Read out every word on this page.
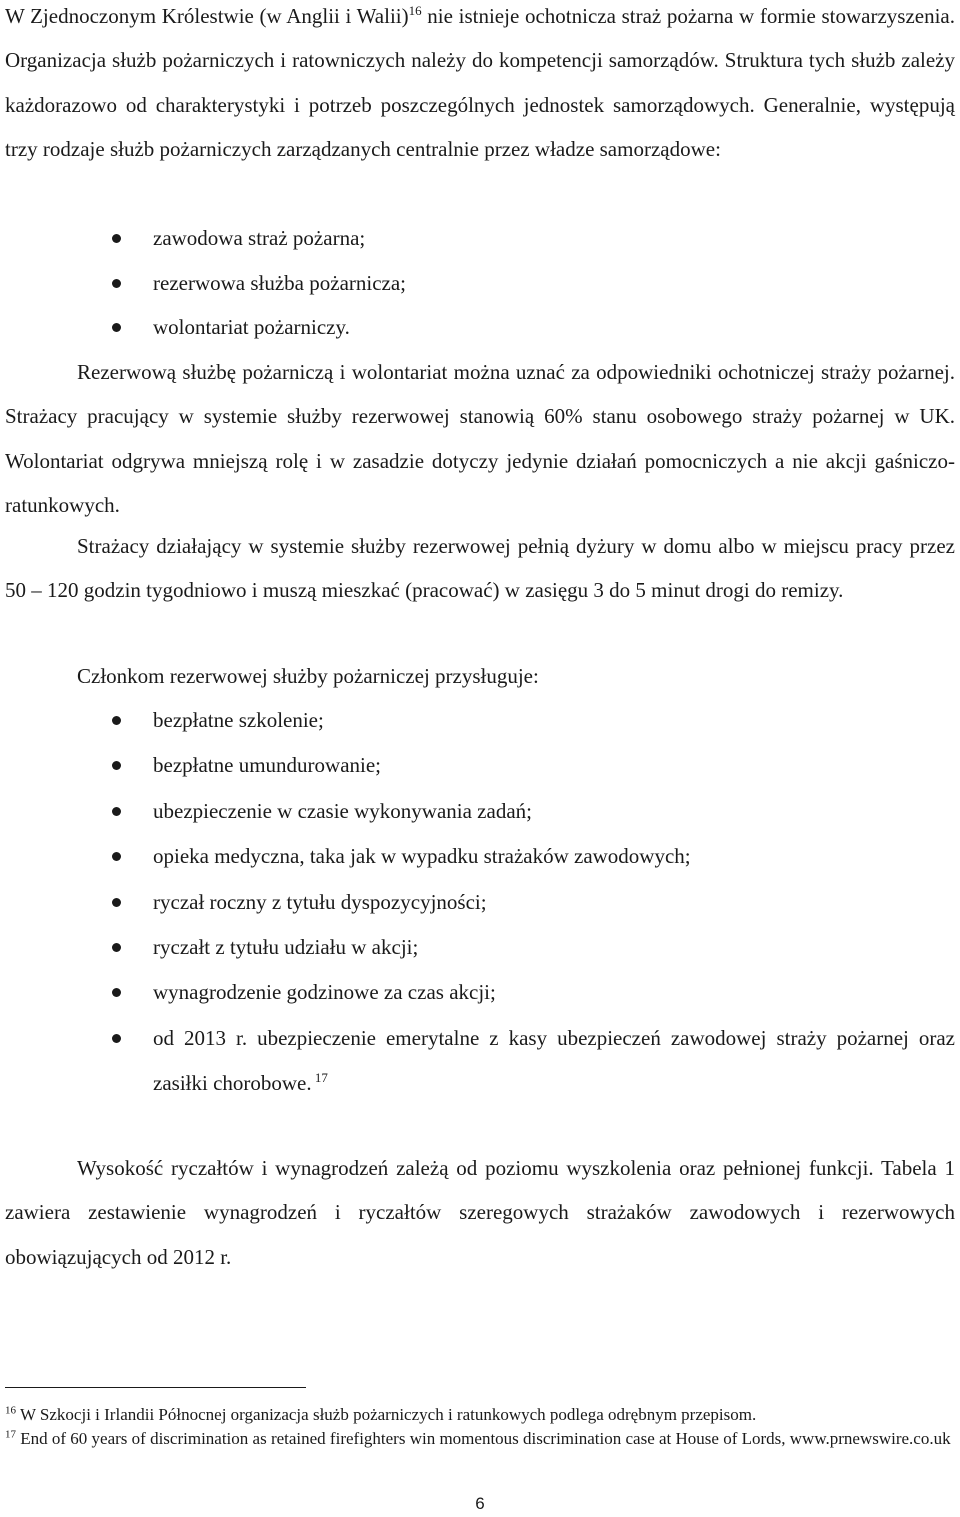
W Zjednoczonym Królestwie (w Anglii i Walii)$^{16}$ nie istnieje ochotnicza straż pożarna w formie stowarzyszenia. Organizacja służb pożarniczych i ratowniczych należy do kompetencji samorządów. Struktura tych służb zależy każdorazowo od charakterystyki i potrzeb poszczególnych jednostek samorządowych. Generalnie, występują trzy rodzaje służb pożarniczych zarządzanych centralnie przez władze samorządowe:

zawodowa straż pożarna;
rezerwowa służba pożarnicza;
wolontariat pożarniczy.

Rezerwową służbę pożarniczą i wolontariat można uznać za odpowiedniki ochotniczej straży pożarnej. Strażacy pracujący w systemie służby rezerwowej stanowią 60% stanu osobowego straży pożarnej w UK. Wolontariat odgrywa mniejszą rolę i w zasadzie dotyczy jedynie działań pomocniczych a nie akcji gaśniczo-ratunkowych.

Strażacy działający w systemie służby rezerwowej pełnią dyżury w domu albo w miejscu pracy przez 50 – 120 godzin tygodniowo i muszą mieszkać (pracować) w zasięgu 3 do 5 minut drogi do remizy.

Członkom rezerwowej służby pożarniczej przysługuje:

bezpłatne szkolenie;
bezpłatne umundurowanie;
ubezpieczenie w czasie wykonywania zadań;
opieka medyczna, taka jak w wypadku strażaków zawodowych;
ryczał roczny z tytułu dyspozycyjności;
ryczałt z tytułu udziału w akcji;
wynagrodzenie godzinowe za czas akcji;
od 2013 r. ubezpieczenie emerytalne z kasy ubezpieczeń zawodowej straży pożarnej oraz zasiłki chorobowe. $^{17}$

Wysokość ryczałtów i wynagrodzeń zależą od poziomu wyszkolenia oraz pełnionej funkcji. Tabela 1 zawiera zestawienie wynagrodzeń i ryczałtów szeregowych strażaków zawodowych i rezerwowych obowiązujących od 2012 r.

$^{16}$ W Szkocji i Irlandii Północnej organizacja służb pożarniczych i ratunkowych podlega odrębnym przepisom.

$^{17}$ End of 60 years of discrimination as retained firefighters win momentous discrimination case at House of Lords, www.prnewswire.co.uk

6
